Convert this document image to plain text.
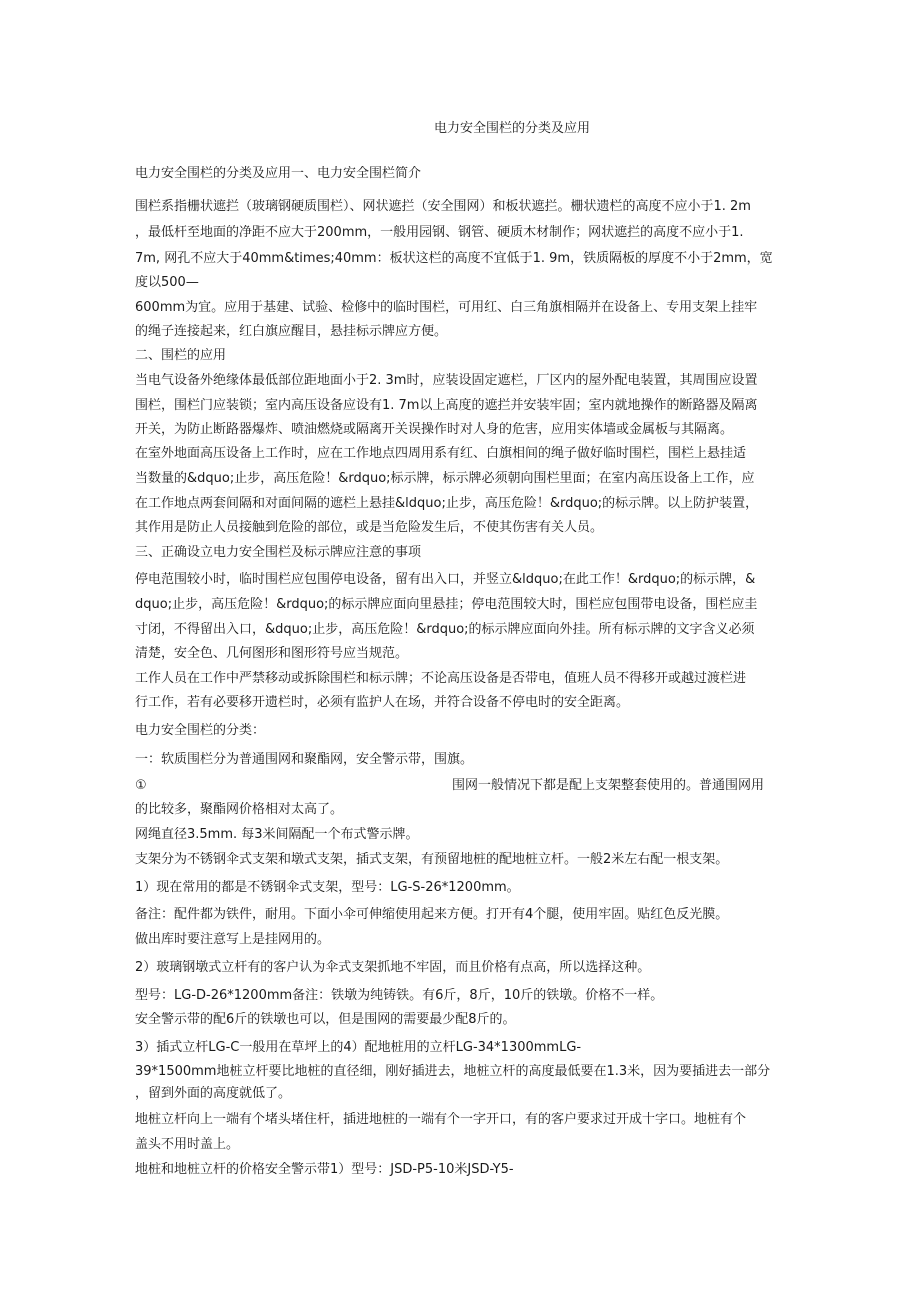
电力安全围栏的分类及应用
电力安全围栏的分类及应用一、电力安全围栏简介
围栏系指栅状遮拦（玻璃钢硬质围栏）、网状遮拦（安全围网）和板状遮拦。栅状遗栏的高度不应小于1. 2m
，最低杆至地面的净距不应大于200mm，一般用园钢、钢管、硬质木材制作；网状遮拦的高度不应小于1.
7m, 网孔不应大于40mm&times;40mm：板状这栏的高度不宜低于1. 9m，铁质隔板的厚度不小于2mm，宽
度以500—
600mm为宜。应用于基建、试验、检修中的临时围栏，可用红、白三角旗相隔并在设备上、专用支架上挂牢
的绳子连接起来，红白旗应醒目，悬挂标示牌应方便。
二、围栏的应用
当电气设备外绝缘体最低部位距地面小于2. 3m时，应装设固定遮栏，厂区内的屋外配电装置，其周围应设置
围栏，围栏门应装锁；室内高压设备应设有1. 7m以上高度的遮拦并安装牢固；室内就地操作的断路器及隔离
开关，为防止断路器爆炸、喷油燃烧或隔离开关误操作时对人身的危害，应用实体墙或金属板与其隔离。
在室外地面高压设备上工作时，应在工作地点四周用系有红、白旗相间的绳子做好临时围栏，围栏上悬挂适
当数量的&dquo;止步，高压危险！&rdquo;标示牌，标示牌必须朝向围栏里面；在室内高压设备上工作，应
在工作地点两套间隔和对面间隔的遮栏上悬挂&ldquo;止步，高压危险！&rdquo;的标示牌。以上防护装置，
其作用是防止人员接触到危险的部位，或是当危险发生后，不使其伤害有关人员。
三、正确设立电力安全围栏及标示牌应注意的事项
停电范围较小时，临时围栏应包围停电设备，留有出入口，并竖立&ldquo;在此工作！&rdquo;的标示牌，&
dquo;止步，高压危险！&rdquo;的标示牌应面向里悬挂；停电范围较大时，围栏应包围带电设备，围栏应圭
寸闭，不得留出入口，&dquo;止步，高压危险！&rdquo;的标示牌应面向外挂。所有标示牌的文字含义必须
清楚，安全色、几何图形和图形符号应当规范。
工作人员在工作中严禁移动或拆除围栏和标示牌；不论高压设备是否带电，值班人员不得移开或越过渡栏进
行工作，若有必要移开遗栏时，必须有监护人在场，并符合设备不停电时的安全距离。
电力安全围栏的分类：
一：软质围栏分为普通围网和聚酯网，安全警示带，围旗。
①	围网一般情况下都是配上支架整套使用的。普通围网用
的比较多，聚酯网价格相对太高了。
网绳直径3.5mm. 每3米间隔配一个布式警示牌。
支架分为不锈钢伞式支架和墩式支架，插式支架，有预留地桩的配地桩立杆。一般2米左右配一根支架。
1）现在常用的都是不锈钢伞式支架，型号：LG-S-26*1200mm。
备注：配件都为铁件，耐用。下面小伞可伸缩使用起来方便。打开有4个腿，使用牢固。贴红色反光膜。
做出库时要注意写上是挂网用的。
2）玻璃钢墩式立杆有的客户认为伞式支架抓地不牢固，而且价格有点高，所以选择这种。
型号：LG-D-26*1200mm备注：铁墩为纯铸铁。有6斤，8斤，10斤的铁墩。价格不一样。
安全警示带的配6斤的铁墩也可以，但是围网的需要最少配8斤的。
3）插式立杆LG-C一般用在草坪上的4）配地桩用的立杆LG-34*1300mmLG-
39*1500mm地桩立杆要比地桩的直径细，刚好插进去，地桩立杆的高度最低要在1.3米，因为要插进去一部分
，留到外面的高度就低了。
地桩立杆向上一端有个堵头堵住杆，插进地桩的一端有个一字开口，有的客户要求过开成十字口。地桩有个
盖头不用时盖上。
地桩和地桩立杆的价格安全警示带1）型号：JSD-P5-10米JSD-Y5-
